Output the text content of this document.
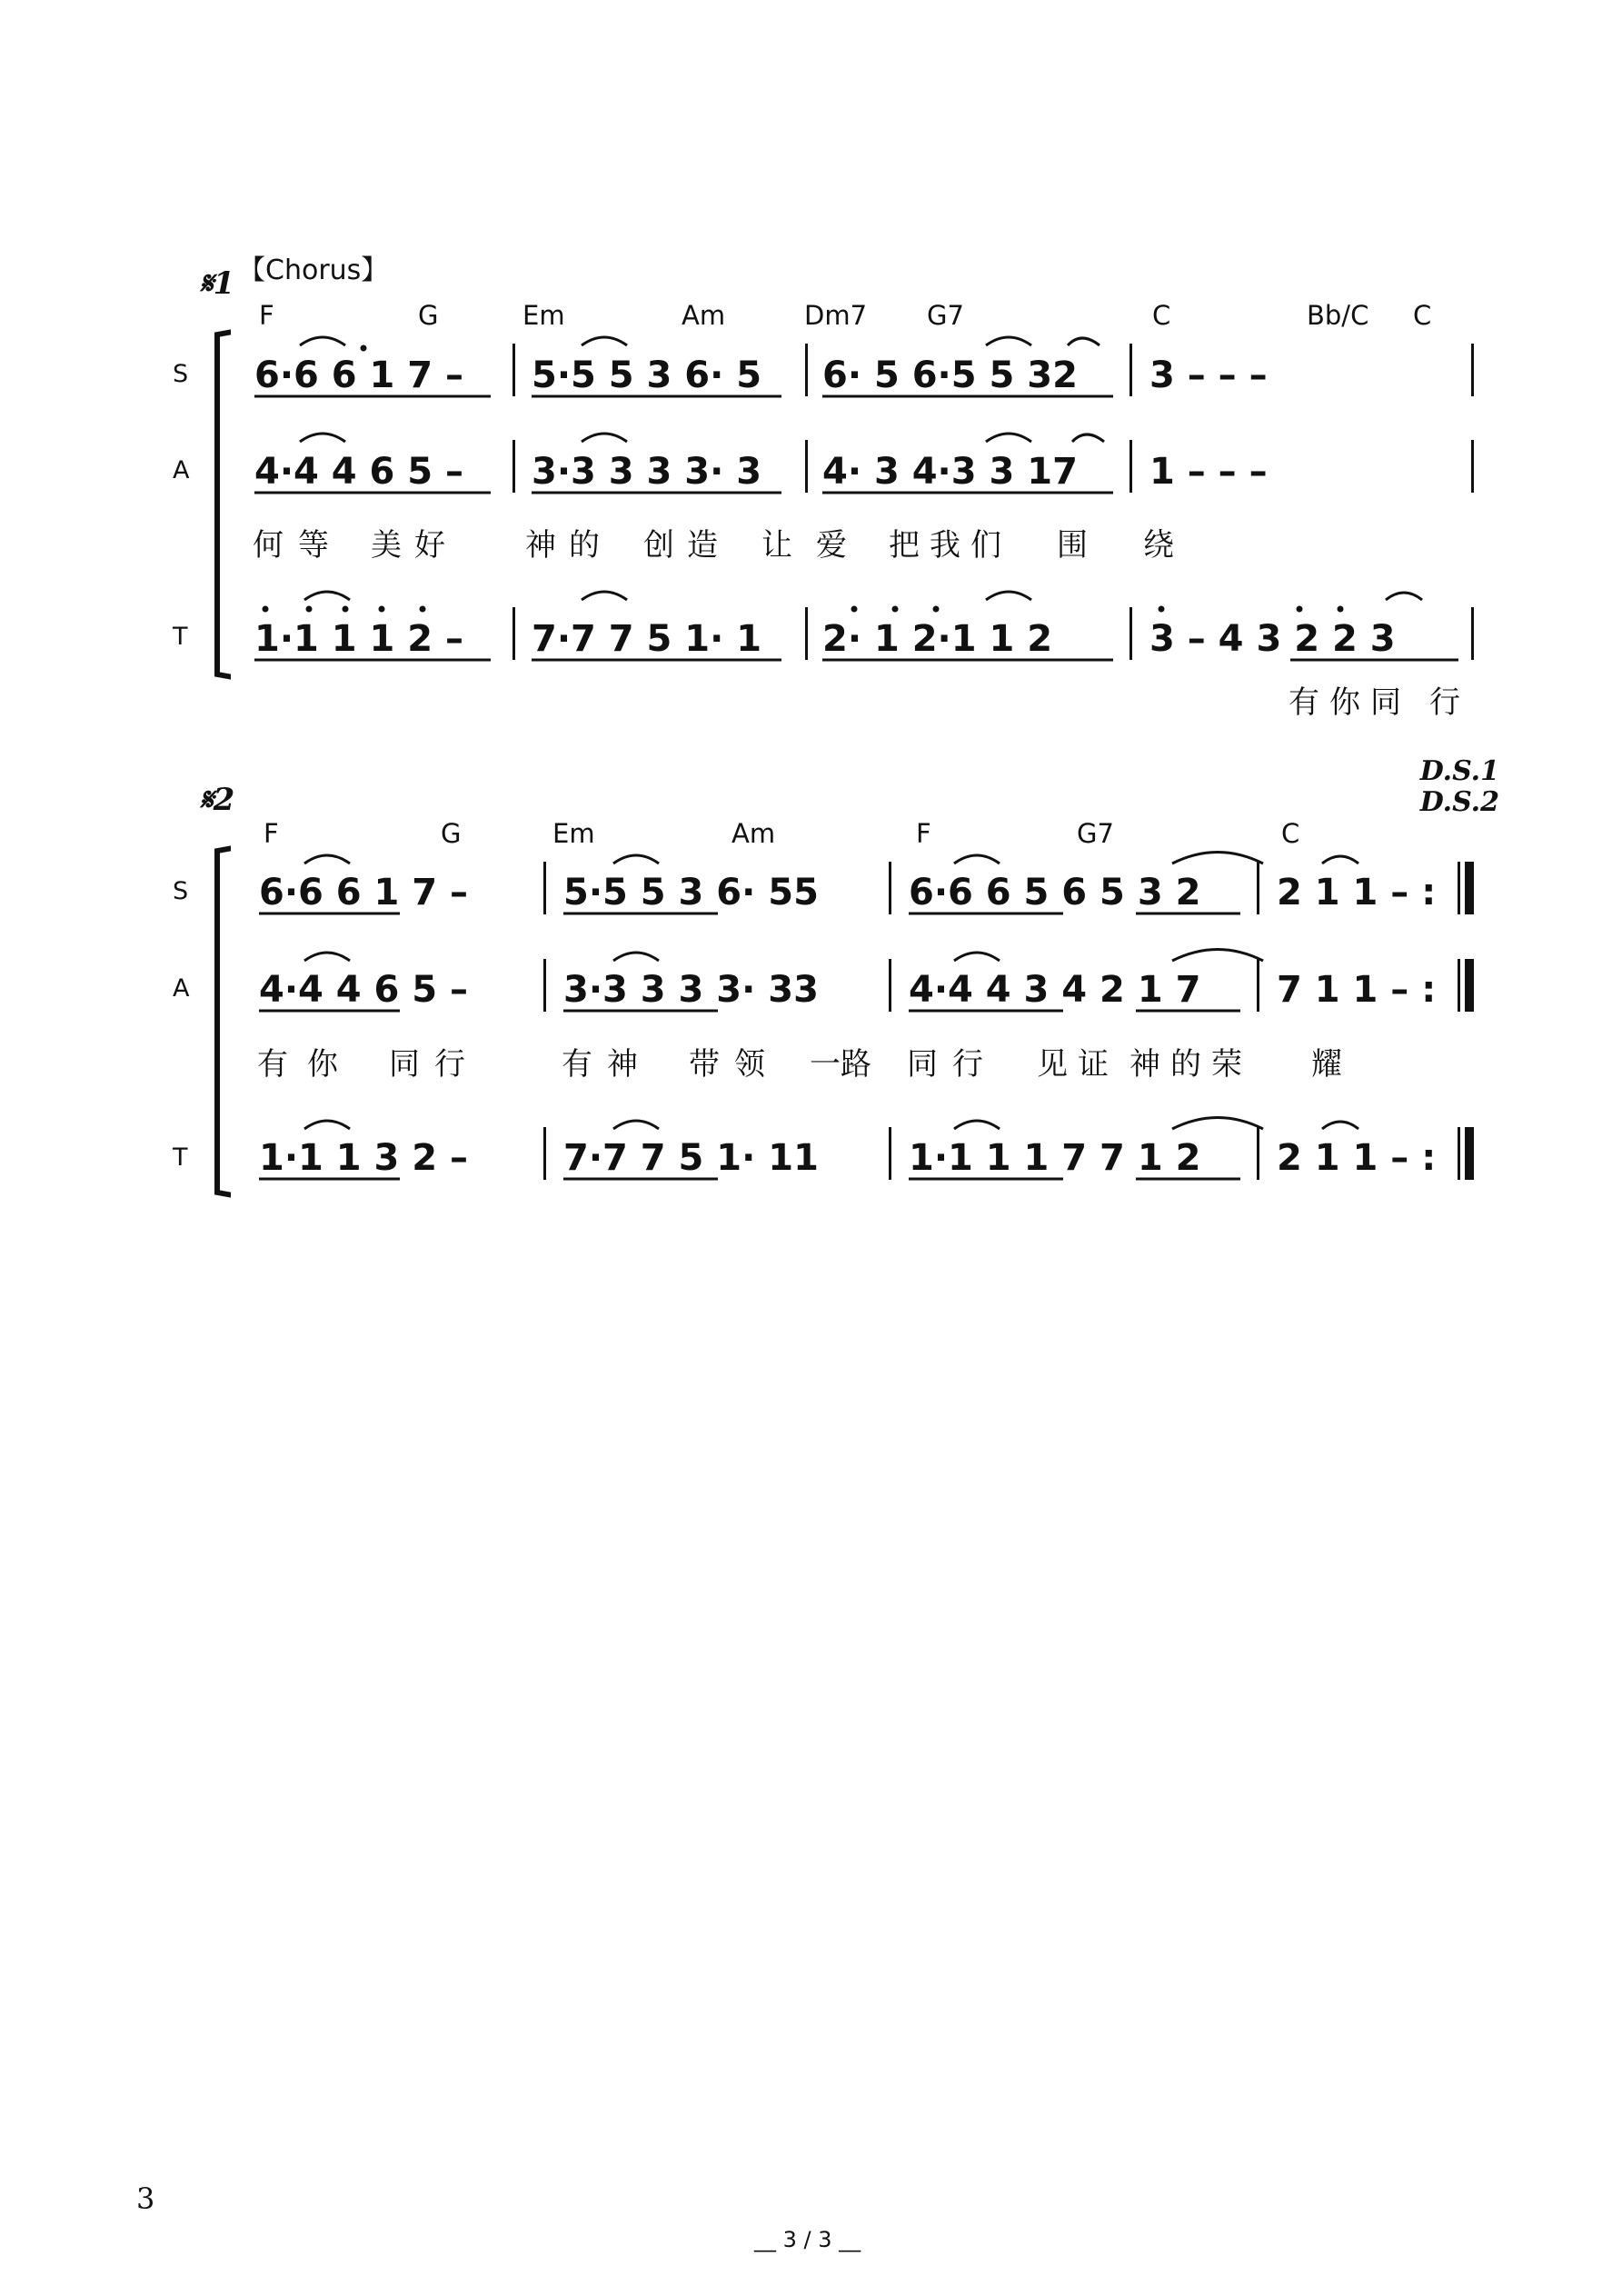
𝄋1 【Chorus】
F	G	Em	Am	Dm7 G7	C	Bb/C C
S
A
T
6·6 6 1 7 – 5·5 5 3 6· 5 6· 5 6·5 5 32 3 – – –
4·4 4 6 5 – 3·3 3 3 3· 3 4· 3 4·3 3 17 1 – – –
1·1 1 1 2 – 7·7 7 5 1· 1 2· 1 2·1 1 2	3 – 4 3 2 2 3
何 等 美 好	神 的 创 造 让 爱 把 我 们 围 绕
有 你 同 行
𝄋2
D.S.1
D.S.2
F	G	Em	Am	F	G7	C
S
A
T
6·6 6 1 7 –	5·5 5 3 6· 55 6·6 6 5 6 5 3 2 2 1 1 – :
4·4 4 6 5 –	3·3 3 3 3· 33 4·4 4 3 4 2 1 7 7 1 1 – :
1·1 1 3 2 –	7·7 7 5 1· 11 1·1 1 1 7 7 1 2 2 1 1 – :
有 你 同 行	有 神 带 领 一
路 同 行 见 证 神 的 荣 耀
3
__ 3 / 3 __
